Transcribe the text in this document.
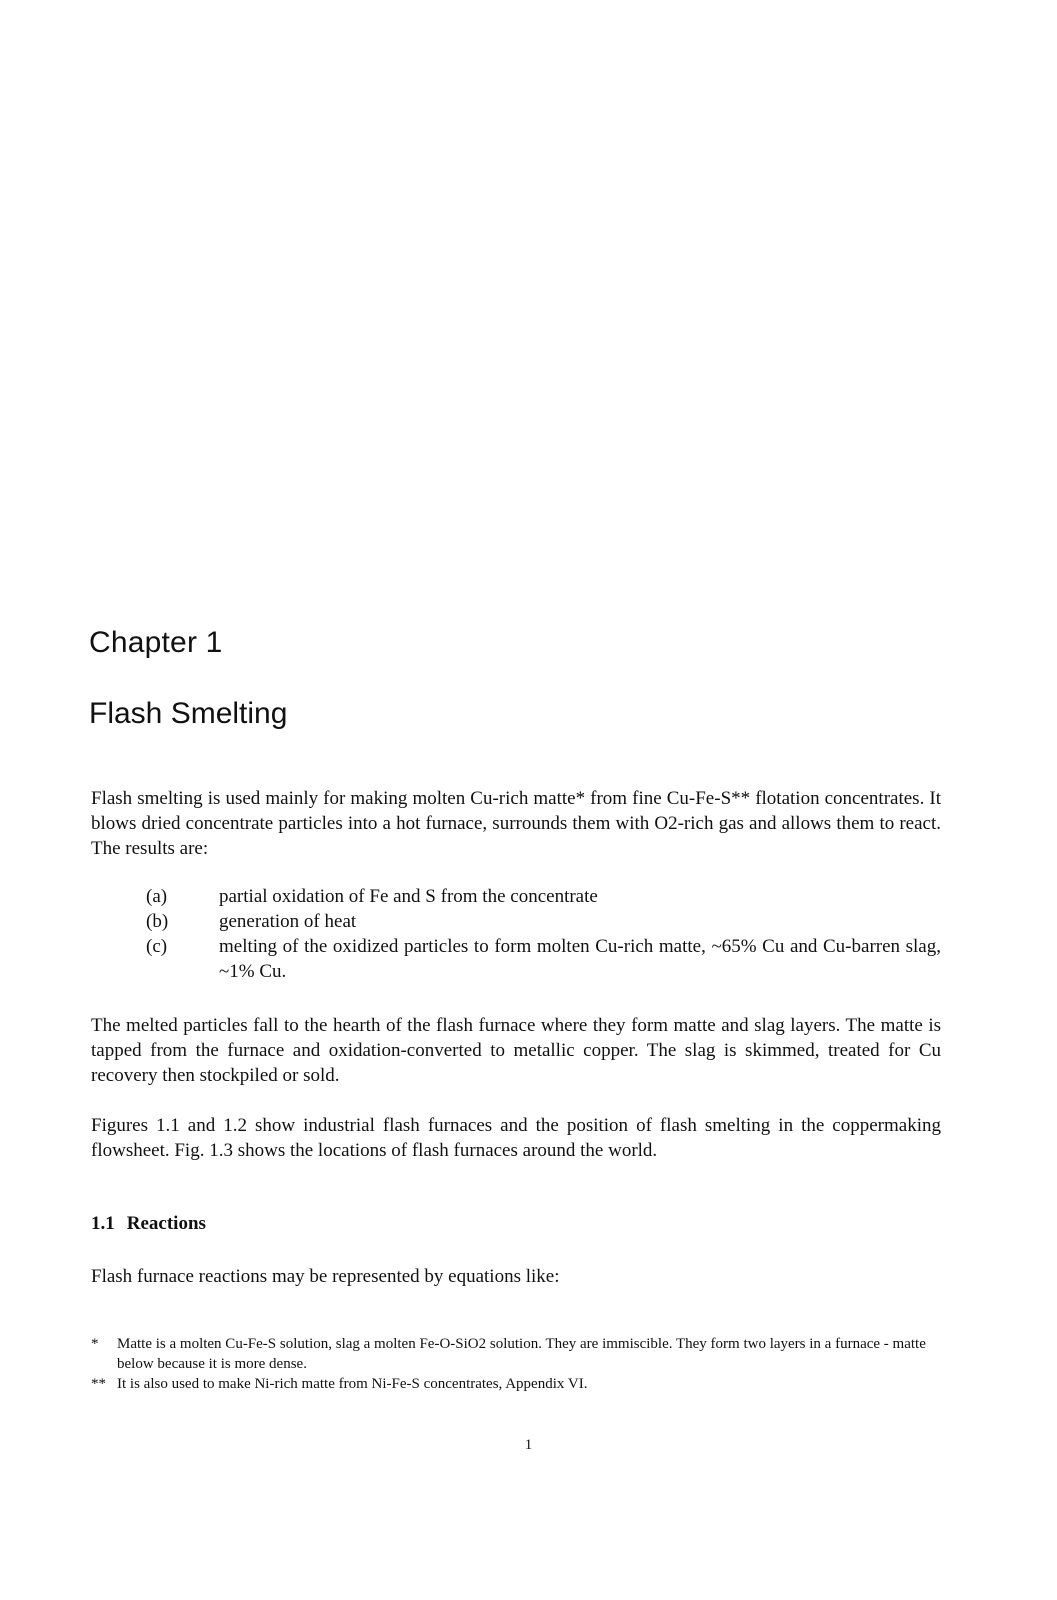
Chapter 1
Flash Smelting

Flash smelting is used mainly for making molten Cu-rich matte* from fine Cu-Fe-S** flotation concentrates. It blows dried concentrate particles into a hot furnace, surrounds them with O2-rich gas and allows them to react. The results are:

(a)	partial oxidation of Fe and S from the concentrate
(b)	generation of heat
(c)	melting of the oxidized particles to form molten Cu-rich matte, ~65% Cu and Cu-barren slag, ~1% Cu.

The melted particles fall to the hearth of the flash furnace where they form matte and slag layers. The matte is tapped from the furnace and oxidation-converted to metallic copper. The slag is skimmed, treated for Cu recovery then stockpiled or sold.

Figures 1.1 and 1.2 show industrial flash furnaces and the position of flash smelting in the coppermaking flowsheet. Fig. 1.3 shows the locations of flash furnaces around the world.

1.1 Reactions

Flash furnace reactions may be represented by equations like:

*	Matte is a molten Cu-Fe-S solution, slag a molten Fe-O-SiO2 solution. They are immiscible. They form two layers in a furnace - matte below because it is more dense.
** It is also used to make Ni-rich matte from Ni-Fe-S concentrates, Appendix VI.

1
